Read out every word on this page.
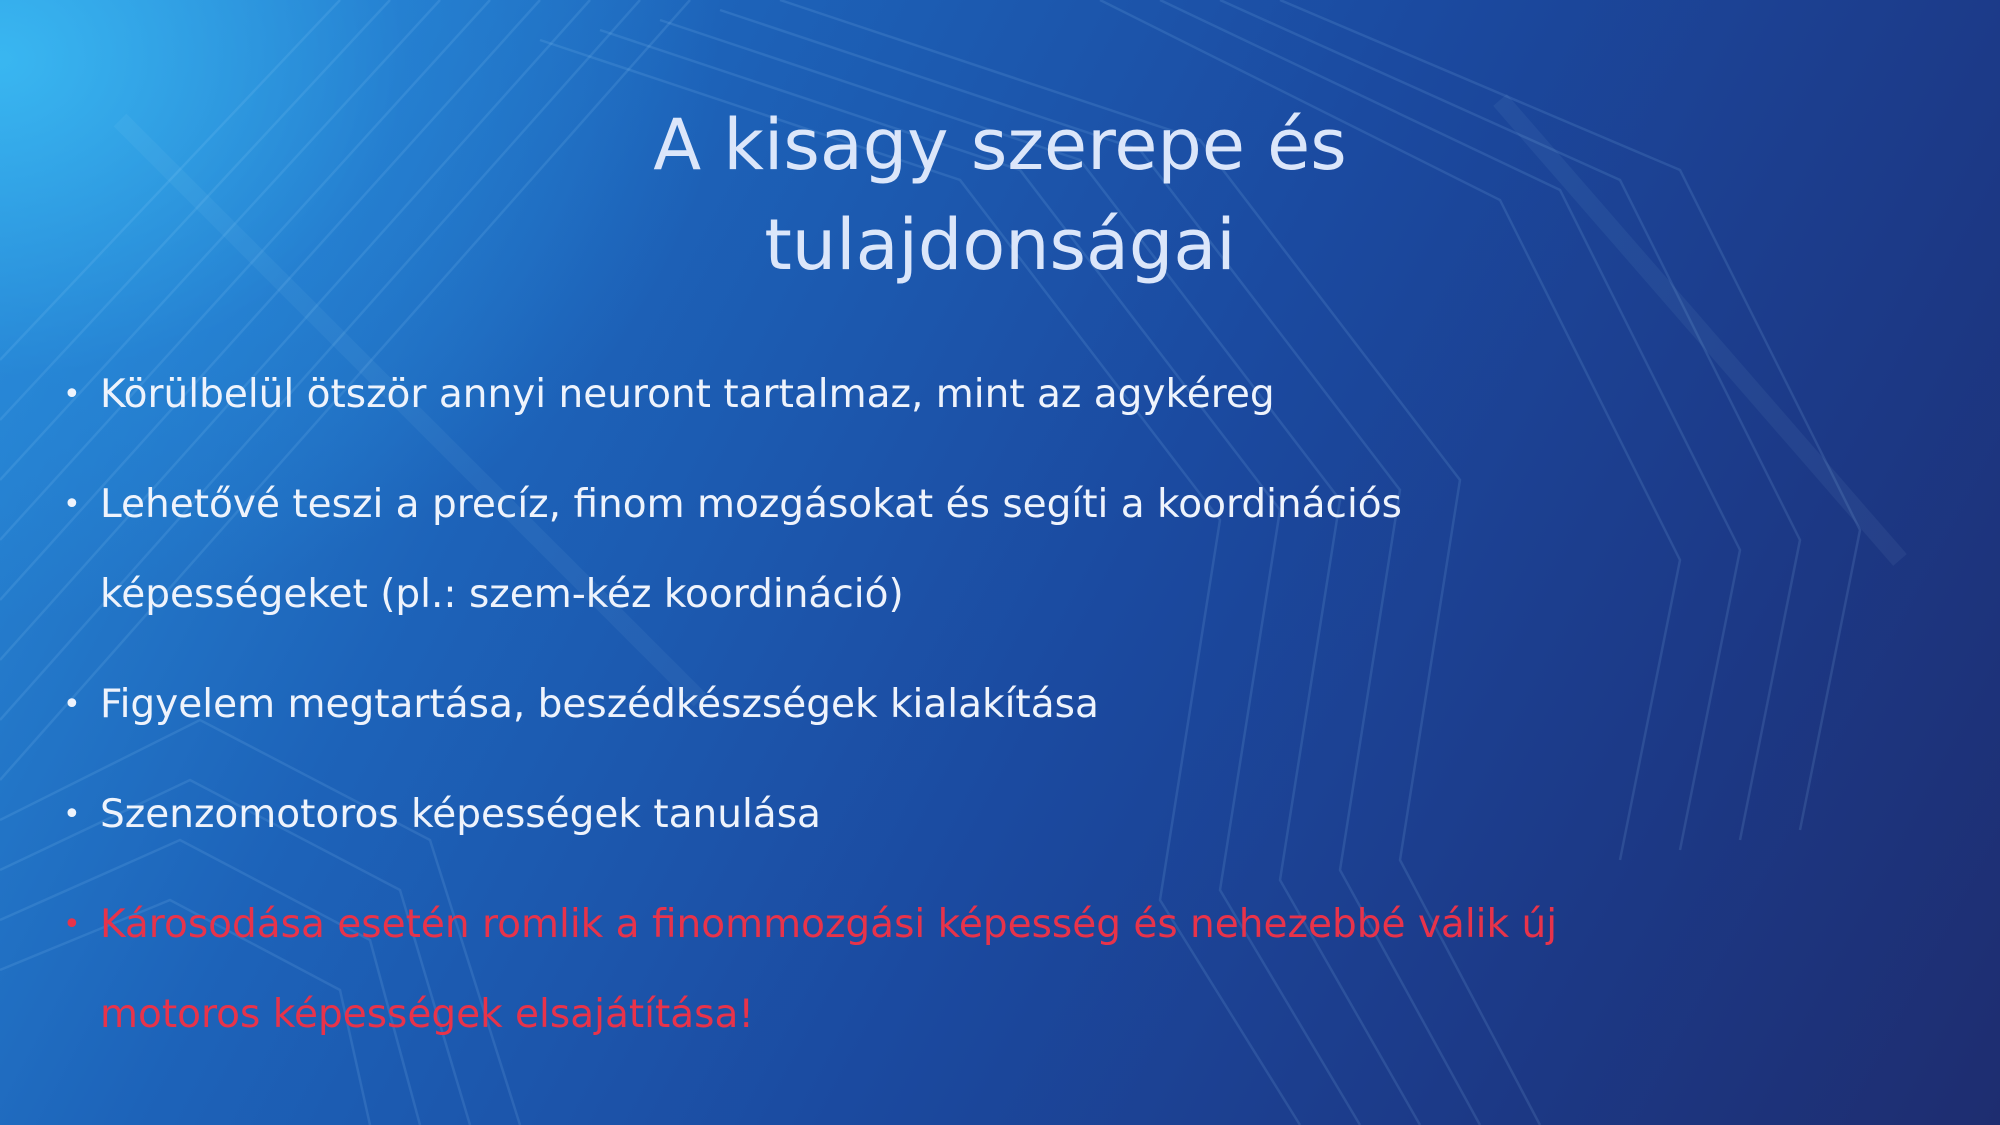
A kisagy szerepe és
tulajdonságai
• Körülbelül ötször annyi neuront tartalmaz, mint az agykéreg
• Lehetővé teszi a precíz, finom mozgásokat és segíti a koordinációs képességeket (pl.: szem-kéz koordináció)
• Figyelem megtartása, beszédkészségek kialakítása
• Szenzomotoros képességek tanulása
• Károsodása esetén romlik a finommozgási képesség és nehezebbé válik új motoros képességek elsajátítása!
